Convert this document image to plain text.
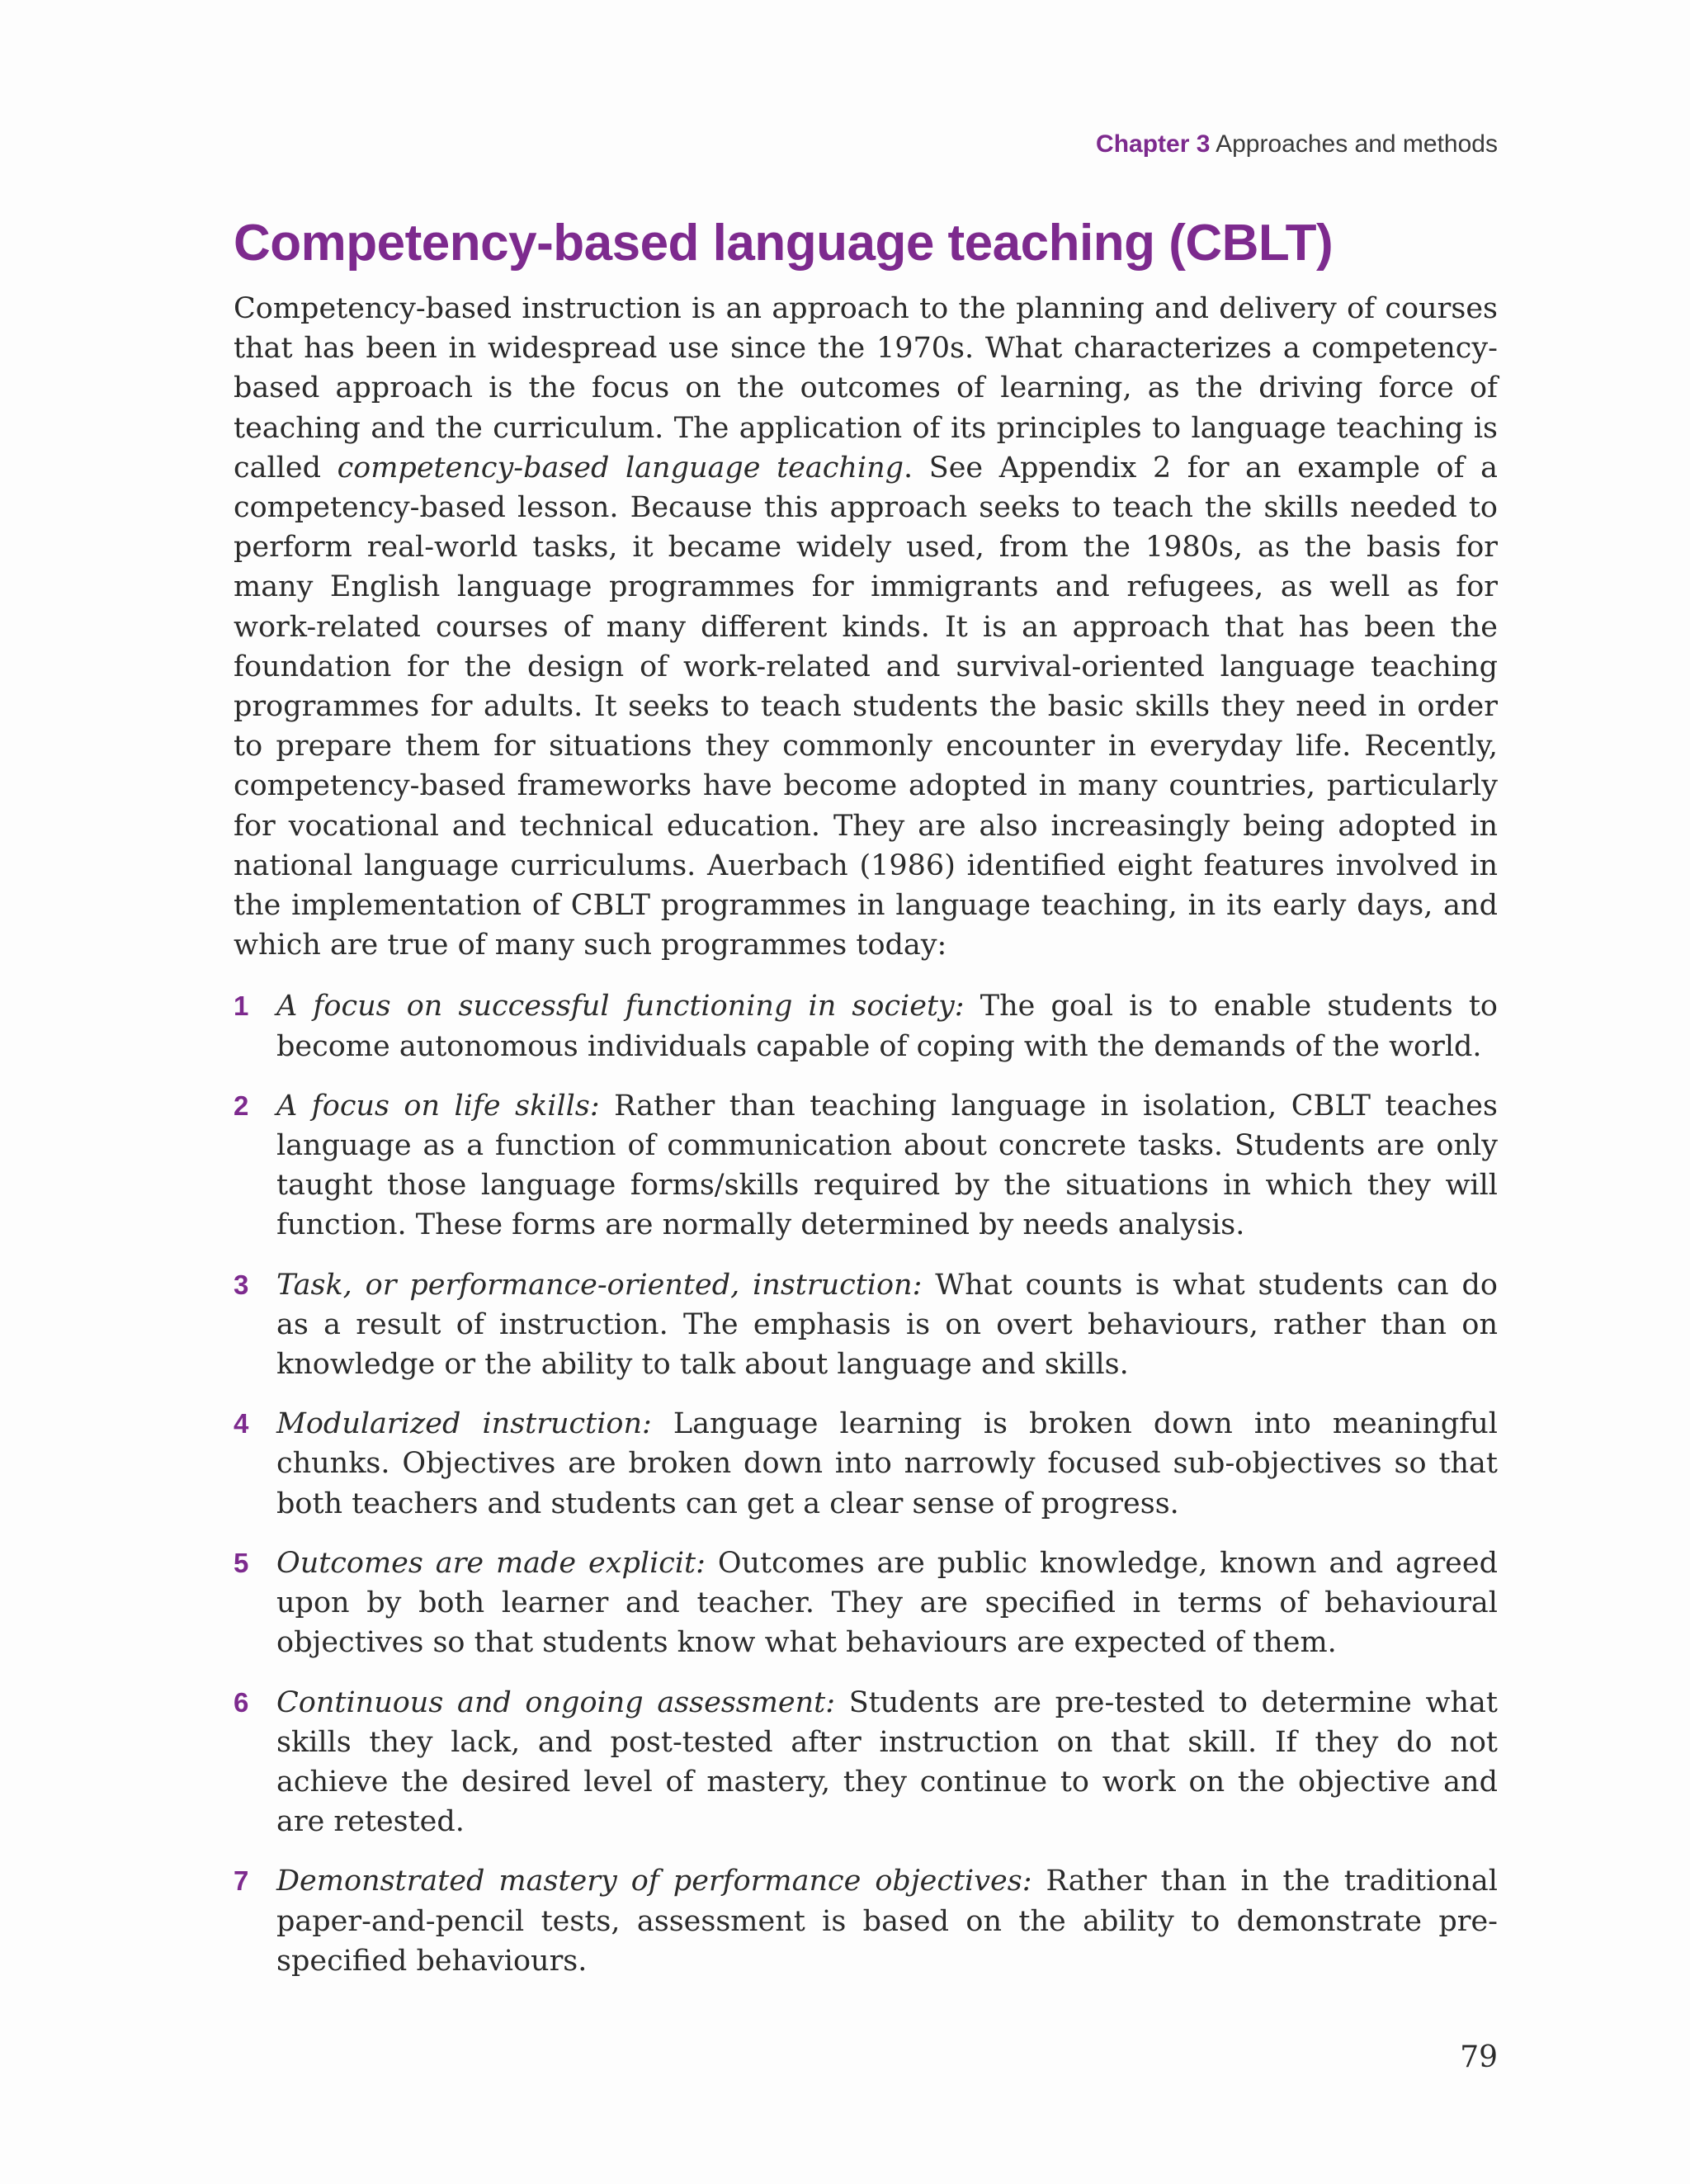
Chapter 3 Approaches and methods
Competency-based language teaching (CBLT)

Competency-based instruction is an approach to the planning and delivery of courses that has been in widespread use since the 1970s. What characterizes a competency-based approach is the focus on the outcomes of learning, as the driving force of teaching and the curriculum. The application of its principles to language teaching is called competency-based language teaching. See Appendix 2 for an example of a competency-based lesson. Because this approach seeks to teach the skills needed to perform real-world tasks, it became widely used, from the 1980s, as the basis for many English language programmes for immigrants and refugees, as well as for work-related courses of many different kinds. It is an approach that has been the foundation for the design of work-related and survival-oriented language teaching programmes for adults. It seeks to teach students the basic skills they need in order to prepare them for situations they commonly encounter in everyday life. Recently, competency-based frameworks have become adopted in many countries, particularly for vocational and technical education. They are also increasingly being adopted in national language curriculums. Auerbach (1986) identified eight features involved in the implementation of CBLT programmes in language teaching, in its early days, and which are true of many such programmes today:

1 A focus on successful functioning in society: The goal is to enable students to become autonomous individuals capable of coping with the demands of the world.
2 A focus on life skills: Rather than teaching language in isolation, CBLT teaches language as a function of communication about concrete tasks. Students are only taught those language forms/skills required by the situations in which they will function. These forms are normally determined by needs analysis.
3 Task, or performance-oriented, instruction: What counts is what students can do as a result of instruction. The emphasis is on overt behaviours, rather than on knowledge or the ability to talk about language and skills.
4 Modularized instruction: Language learning is broken down into meaningful chunks. Objectives are broken down into narrowly focused sub-objectives so that both teachers and students can get a clear sense of progress.
5 Outcomes are made explicit: Outcomes are public knowledge, known and agreed upon by both learner and teacher. They are specified in terms of behavioural objectives so that students know what behaviours are expected of them.
6 Continuous and ongoing assessment: Students are pre-tested to determine what skills they lack, and post-tested after instruction on that skill. If they do not achieve the desired level of mastery, they continue to work on the objective and are retested.
7 Demonstrated mastery of performance objectives: Rather than in the traditional paper-and-pencil tests, assessment is based on the ability to demonstrate pre-specified behaviours.
79
